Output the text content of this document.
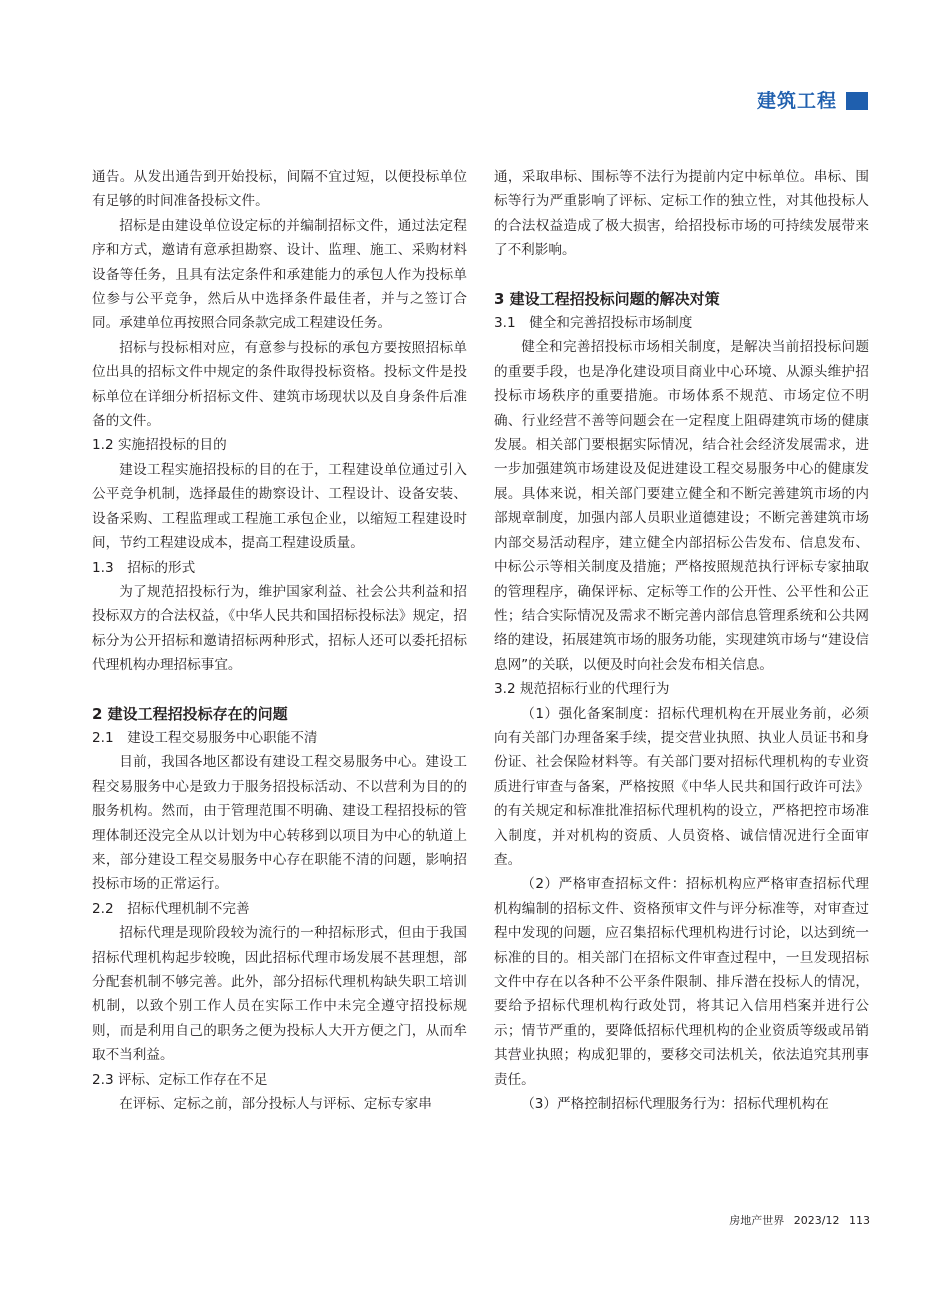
建筑工程

通告。从发出通告到开始投标，间隔不宜过短，以便投标单位有足够的时间准备投标文件。

招标是由建设单位设定标的并编制招标文件，通过法定程序和方式，邀请有意承担勘察、设计、监理、施工、采购材料设备等任务，且具有法定条件和承建能力的承包人作为投标单位参与公平竞争，然后从中选择条件最佳者，并与之签订合同。承建单位再按照合同条款完成工程建设任务。

招标与投标相对应，有意参与投标的承包方要按照招标单位出具的招标文件中规定的条件取得投标资格。投标文件是投标单位在详细分析招标文件、建筑市场现状以及自身条件后准备的文件。

1.2 实施招投标的目的

建设工程实施招投标的目的在于，工程建设单位通过引入公平竞争机制，选择最佳的勘察设计、工程设计、设备安装、设备采购、工程监理或工程施工承包企业，以缩短工程建设时间，节约工程建设成本，提高工程建设质量。

1.3　招标的形式

为了规范招投标行为，维护国家利益、社会公共利益和招投标双方的合法权益，《中华人民共和国招标投标法》规定，招标分为公开招标和邀请招标两种形式，招标人还可以委托招标代理机构办理招标事宜。

2 建设工程招投标存在的问题

2.1　建设工程交易服务中心职能不清

目前，我国各地区都设有建设工程交易服务中心。建设工程交易服务中心是致力于服务招投标活动、不以营利为目的的服务机构。然而，由于管理范围不明确、建设工程招投标的管理体制还没完全从以计划为中心转移到以项目为中心的轨道上来，部分建设工程交易服务中心存在职能不清的问题，影响招投标市场的正常运行。

2.2　招标代理机制不完善

招标代理是现阶段较为流行的一种招标形式，但由于我国招标代理机构起步较晚，因此招标代理市场发展不甚理想，部分配套机制不够完善。此外，部分招标代理机构缺失职工培训机制，以致个别工作人员在实际工作中未完全遵守招投标规则，而是利用自己的职务之便为投标人大开方便之门，从而牟取不当利益。

2.3 评标、定标工作存在不足

在评标、定标之前，部分投标人与评标、定标专家串

通，采取串标、围标等不法行为提前内定中标单位。串标、围标等行为严重影响了评标、定标工作的独立性，对其他投标人的合法权益造成了极大损害，给招投标市场的可持续发展带来了不利影响。

3 建设工程招投标问题的解决对策

3.1　健全和完善招投标市场制度

健全和完善招投标市场相关制度，是解决当前招投标问题的重要手段，也是净化建设项目商业中心环境、从源头维护招投标市场秩序的重要措施。市场体系不规范、市场定位不明确、行业经营不善等问题会在一定程度上阻碍建筑市场的健康发展。相关部门要根据实际情况，结合社会经济发展需求，进一步加强建筑市场建设及促进建设工程交易服务中心的健康发展。具体来说，相关部门要建立健全和不断完善建筑市场的内部规章制度，加强内部人员职业道德建设；不断完善建筑市场内部交易活动程序，建立健全内部招标公告发布、信息发布、中标公示等相关制度及措施；严格按照规范执行评标专家抽取的管理程序，确保评标、定标等工作的公开性、公平性和公正性；结合实际情况及需求不断完善内部信息管理系统和公共网络的建设，拓展建筑市场的服务功能，实现建筑市场与“建设信息网”的关联，以便及时向社会发布相关信息。

3.2 规范招标行业的代理行为

（1）强化备案制度：招标代理机构在开展业务前，必须向有关部门办理备案手续，提交营业执照、执业人员证书和身份证、社会保险材料等。有关部门要对招标代理机构的专业资质进行审查与备案，严格按照《中华人民共和国行政许可法》的有关规定和标准批准招标代理机构的设立，严格把控市场准入制度，并对机构的资质、人员资格、诚信情况进行全面审查。

（2）严格审查招标文件：招标机构应严格审查招标代理机构编制的招标文件、资格预审文件与评分标准等，对审查过程中发现的问题，应召集招标代理机构进行讨论，以达到统一标准的目的。相关部门在招标文件审查过程中，一旦发现招标文件中存在以各种不公平条件限制、排斥潜在投标人的情况，要给予招标代理机构行政处罚，将其记入信用档案并进行公示；情节严重的，要降低招标代理机构的企业资质等级或吊销其营业执照；构成犯罪的，要移交司法机关，依法追究其刑事责任。

（3）严格控制招标代理服务行为：招标代理机构在

房地产世界 2023/12 113
